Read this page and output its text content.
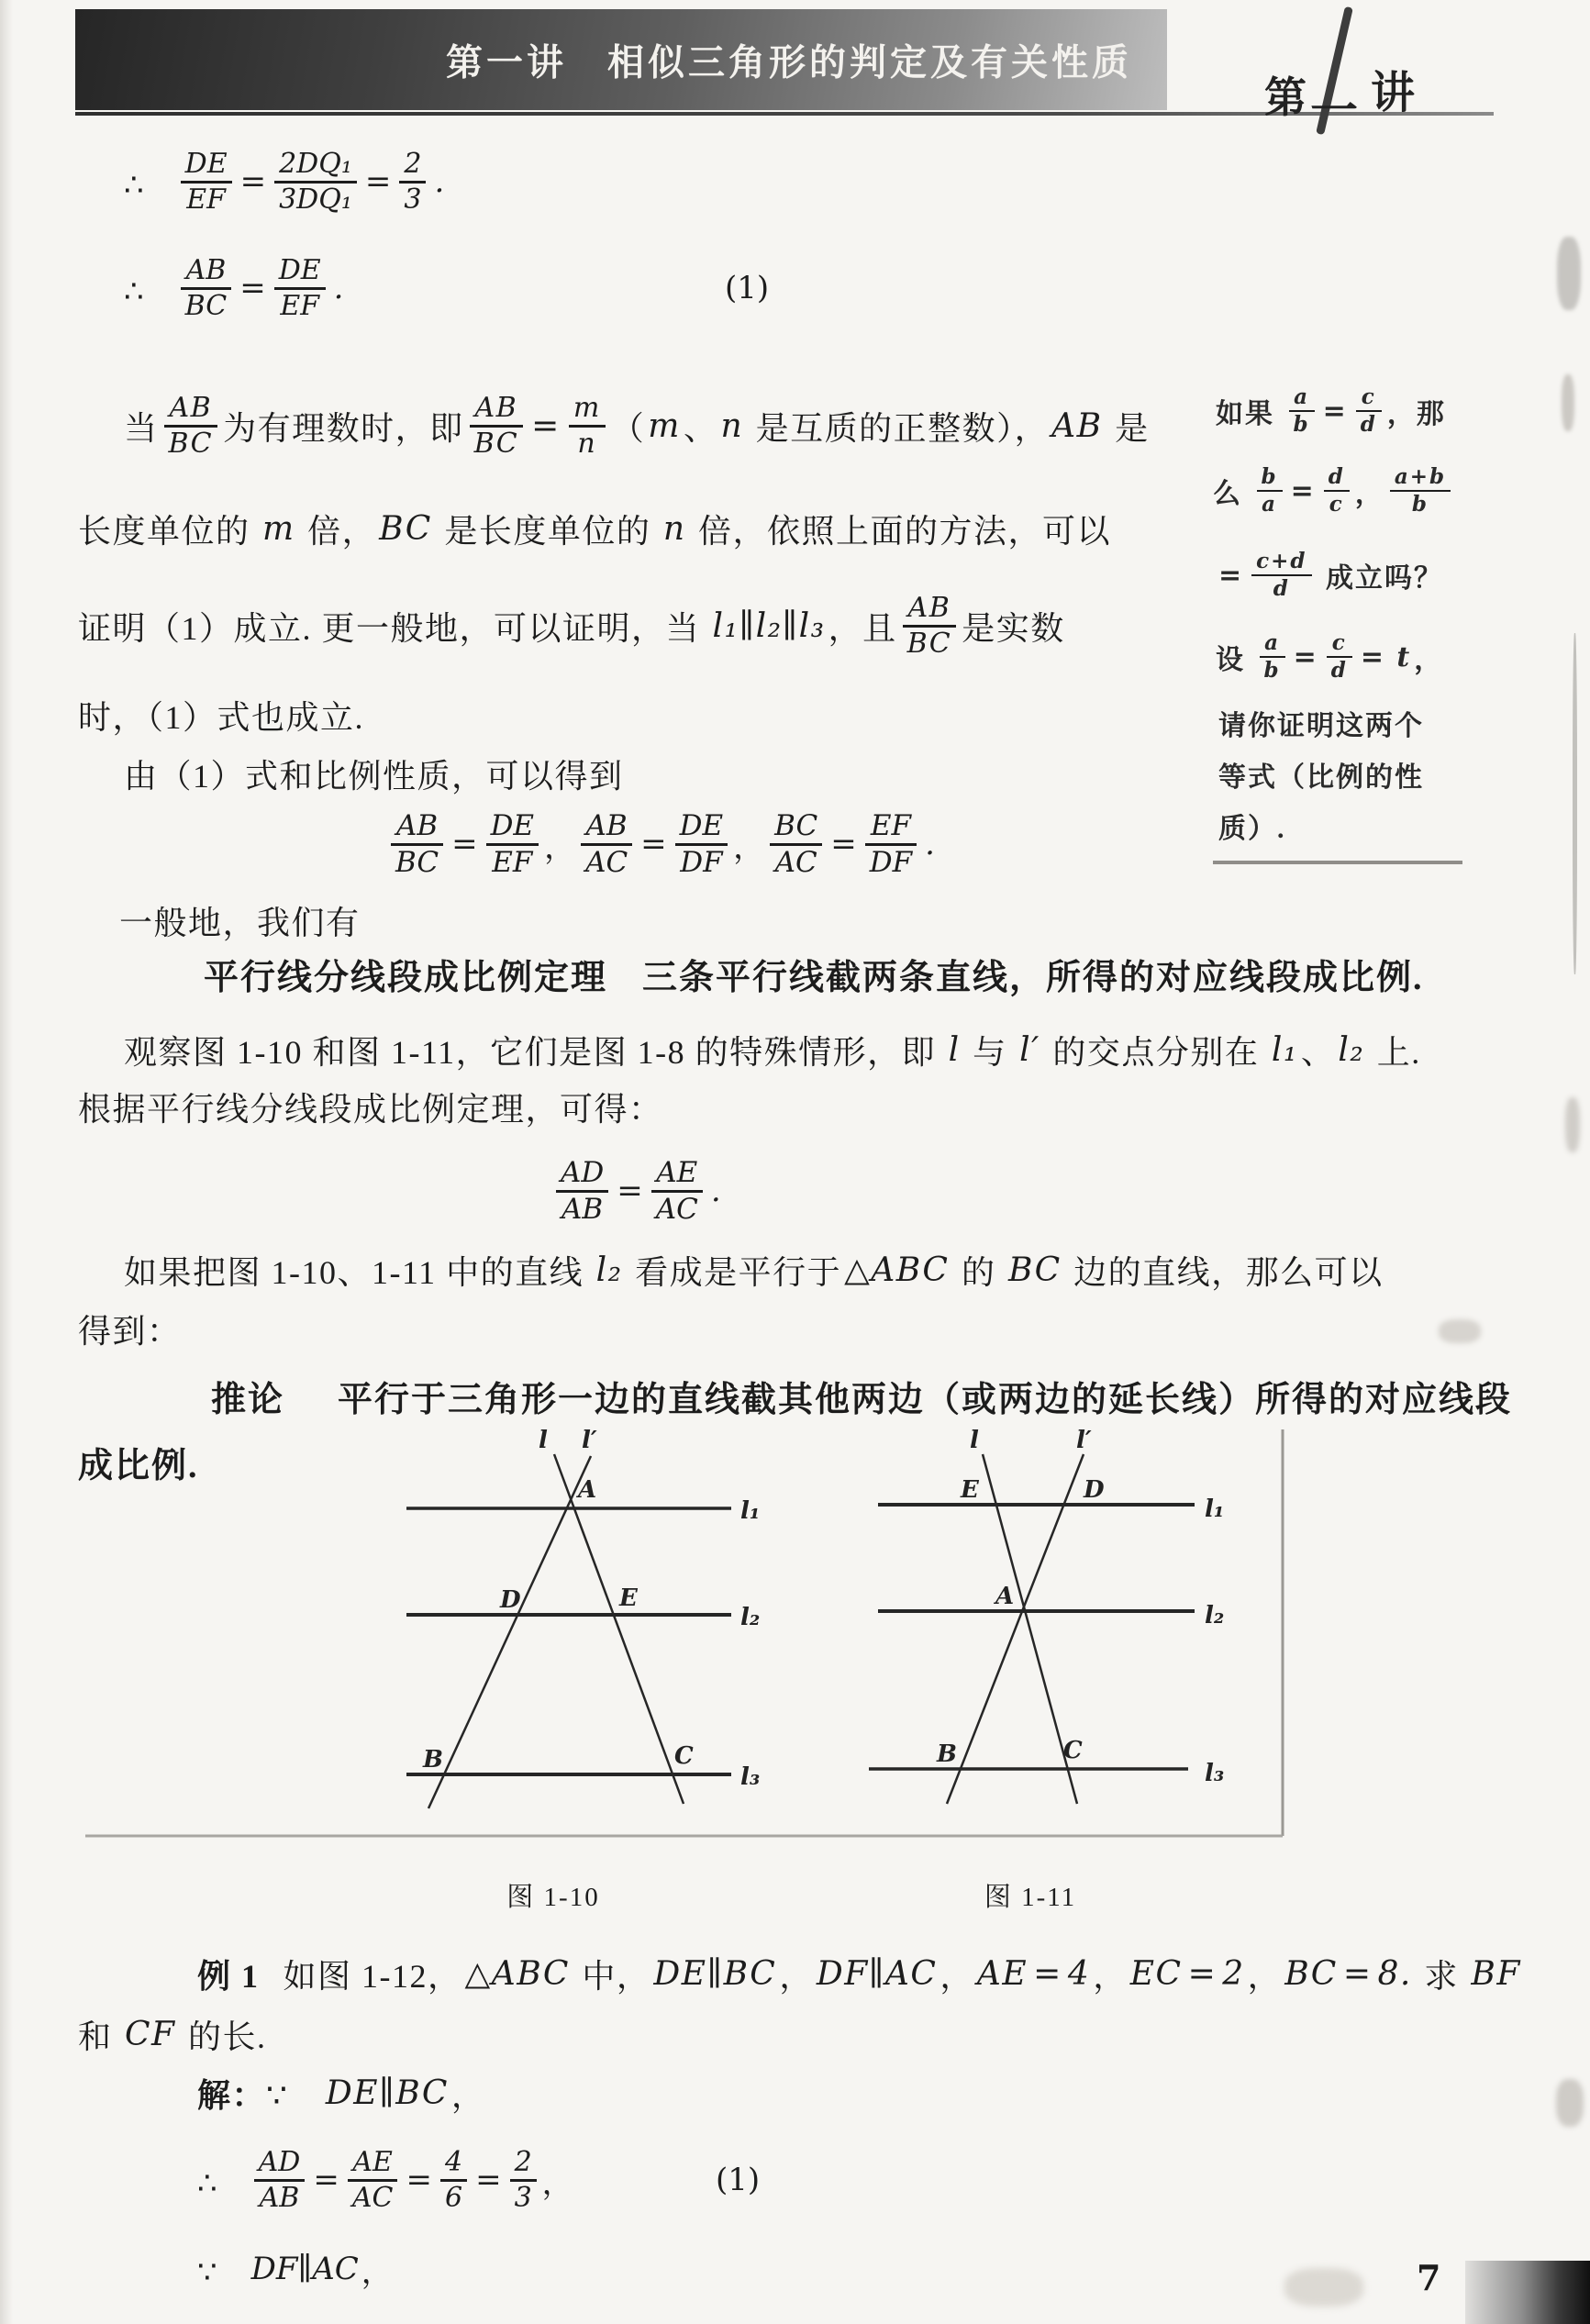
第一讲　相似三角形的判定及有关性质
第 一 讲
∴　 $\frac{DE}{EF} = \frac{\text{2DQ₁}}{\text{3DQ₁}} = \frac{2}{3}$ .
(1)
∴　 $\frac{AB}{BC} = \frac{DE}{EF}$ .
当 $\frac{AB}{BC}$ 为有理数时，即 $\frac{AB}{BC} = \frac{m}{n}$ （ m 、 n 是互质的正整数）， AB 是
长度单位的 m 倍， BC 是长度单位的 n 倍，依照上面的方法，可以
证明（1）成立. 更一般地，可以证明，当 l₁∥l₂∥l₃ ，且 $\frac{AB}{BC}$ 是实数
时，（1）式也成立.
由（1）式和比例性质，可以得到
$\frac{AB}{BC} = \frac{DE}{EF}$ ， $\frac{AB}{AC} = \frac{DE}{DF}$ ， $\frac{BC}{AC} = \frac{EF}{DF}$ .
一般地，我们有
平行线分线段成比例定理 三条平行线截两条直线，所得的对应线段成比例.
观察图 1-10 和图 1-11，它们是图 1-8 的特殊情形，即 l 与 l′ 的交点分别在 l₁ 、 l₂ 上.
根据平行线分线段成比例定理，可得：
$\frac{AD}{AB} = \frac{AE}{AC}$ .
如果把图 1-10、1-11 中的直线 l₂ 看成是平行于 △ABC 的 BC 边的直线，那么可以
得到：
推论 平行于三角形一边的直线截其他两边（或两边的延长线）所得的对应线段
成比例.
l l′
A
D	E
B	C
l₁
l₂
l₃
l	l′
E	D
A
B	C
l₁
l₂
l₃
图 1-10	图 1-11
例 1 如图 1-12， △ABC 中， DE∥BC ， DF∥AC ， AE = 4 ， EC = 2 ， BC = 8. 求 BF
和 CF 的长.
解： ∵　 DE∥BC ，
(1)
∴　 $\frac{AD}{AB} = \frac{AE}{AC} = \frac{4}{6} = \frac{2}{3}$ ，
∵　 DF∥AC ，
如果 $\frac{a}{b} = \frac{c}{d}$ ，那
么 $\frac{b}{a} = \frac{d}{c}$ ， $\frac{a+b}{b}$
= $\frac{c+d}{d}$ 成立吗？
设 $\frac{a}{b} = \frac{c}{d} = t$ ，
请你证明这两个
等式（比例的性
质）.
7
